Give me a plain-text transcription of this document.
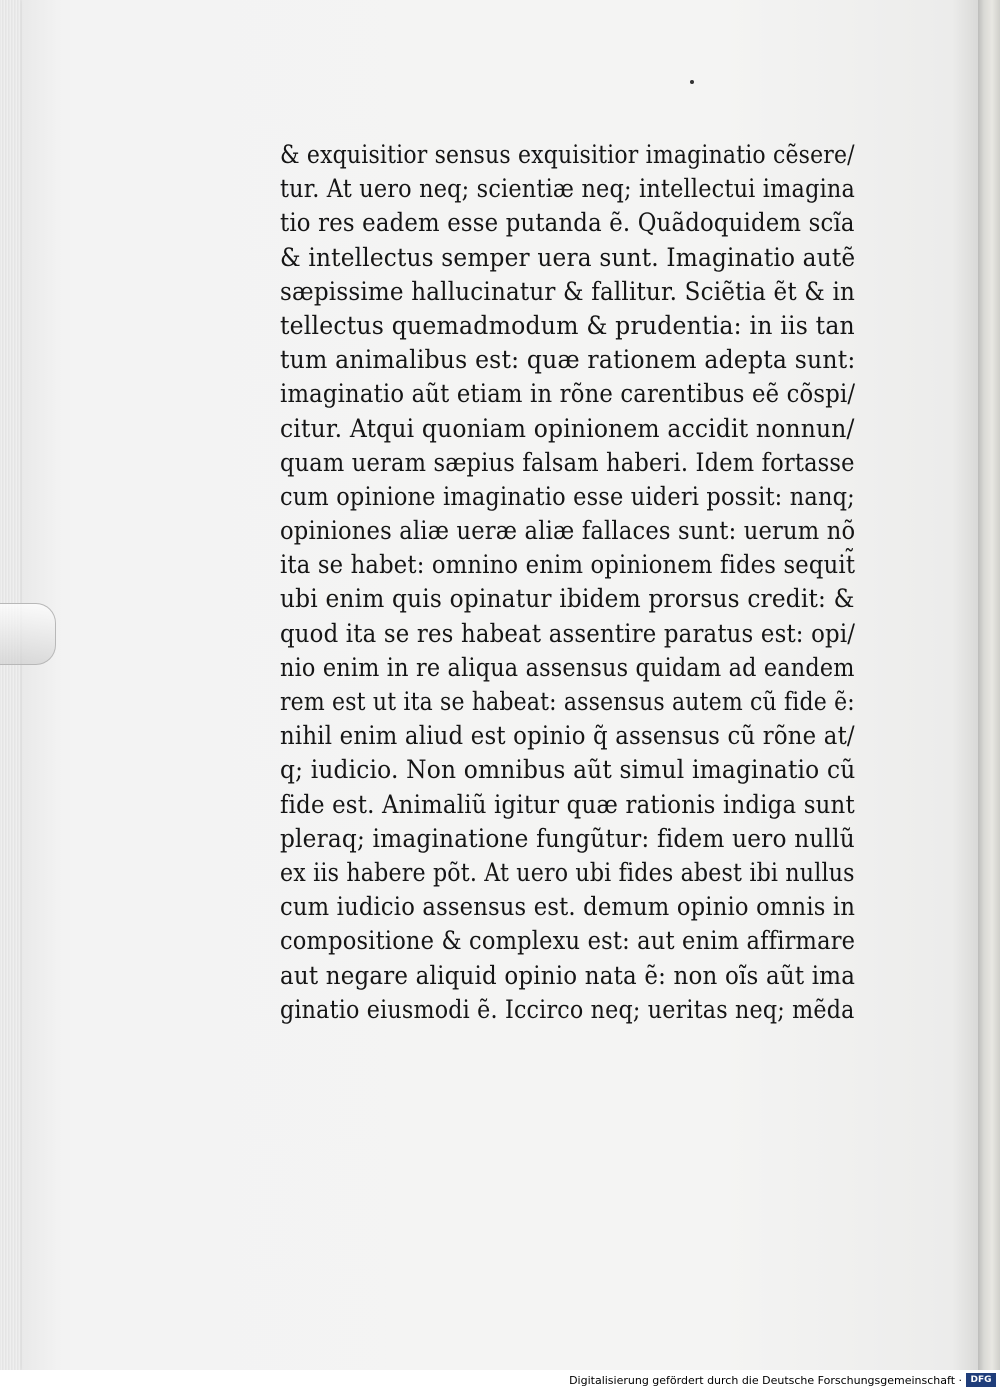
& exquisitior sensus exquisitior imaginatio cẽsere/
tur. At uero neq; scientiæ neq; intellectui imagina
tio res eadem esse putanda ẽ. Quãdoquidem scĩa
& intellectus semper uera sunt. Imaginatio autẽ
sæpissime hallucinatur & fallitur. Sciẽtia ẽt & in
tellectus quemadmodum & prudentia: in iis tan
tum animalibus est: quæ rationem adepta sunt:
imaginatio aũt etiam in rõne carentibus eẽ cõspi/
citur. Atqui quoniam opinionem accidit nonnun/
quam ueram sæpius falsam haberi. Idem fortasse
cum opinione imaginatio esse uideri possit: nanq;
opiniones aliæ ueræ aliæ fallaces sunt: uerum nõ
ita se habet: omnino enim opinionem fides sequit̃
ubi enim quis opinatur ibidem prorsus credit: &
quod ita se res habeat assentire paratus est: opi/
nio enim in re aliqua assensus quidam ad eandem
rem est ut ita se habeat: assensus autem cũ fide ẽ:
nihil enim aliud est opinio q̃ assensus cũ rõne at/
q; iudicio. Non omnibus aũt simul imaginatio cũ
fide est. Animaliũ igitur quæ rationis indiga sunt
pleraq; imaginatione fungũtur: fidem uero nullũ
ex iis habere põt. At uero ubi fides abest ibi nullus
cum iudicio assensus est. demum opinio omnis in
compositione & complexu est: aut enim affirmare
aut negare aliquid opinio nata ẽ: non oĩs aũt ima
ginatio eiusmodi ẽ. Iccirco neq; ueritas neq; mẽda
Digitalisierung gefördert durch die Deutsche Forschungsgemeinschaft · DFG
